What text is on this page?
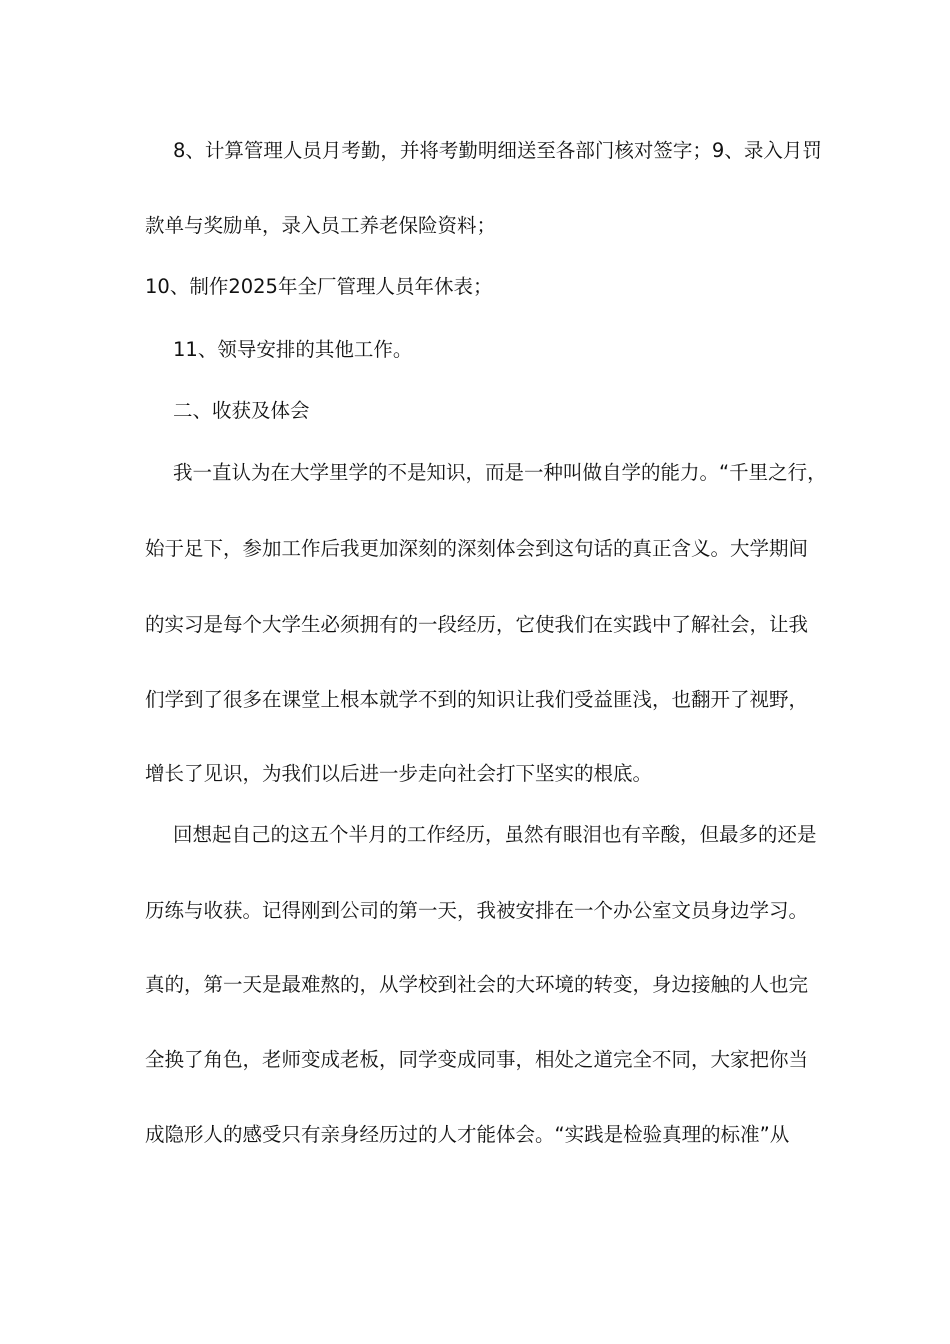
8、计算管理人员月考勤，并将考勤明细送至各部门核对签字；9、录入月罚
款单与奖励单，录入员工养老保险资料；
10、制作2025年全厂管理人员年休表；
11、领导安排的其他工作。
二、收获及体会
我一直认为在大学里学的不是知识，而是一种叫做自学的能力。“千里之行，
始于足下，参加工作后我更加深刻的深刻体会到这句话的真正含义。大学期间
的实习是每个大学生必须拥有的一段经历，它使我们在实践中了解社会，让我
们学到了很多在课堂上根本就学不到的知识让我们受益匪浅，也翻开了视野，
增长了见识，为我们以后进一步走向社会打下坚实的根底。
回想起自己的这五个半月的工作经历，虽然有眼泪也有辛酸，但最多的还是
历练与收获。记得刚到公司的第一天，我被安排在一个办公室文员身边学习。
真的，第一天是最难熬的，从学校到社会的大环境的转变，身边接触的人也完
全换了角色，老师变成老板，同学变成同事，相处之道完全不同，大家把你当
成隐形人的感受只有亲身经历过的人才能体会。“实践是检验真理的标准”从
